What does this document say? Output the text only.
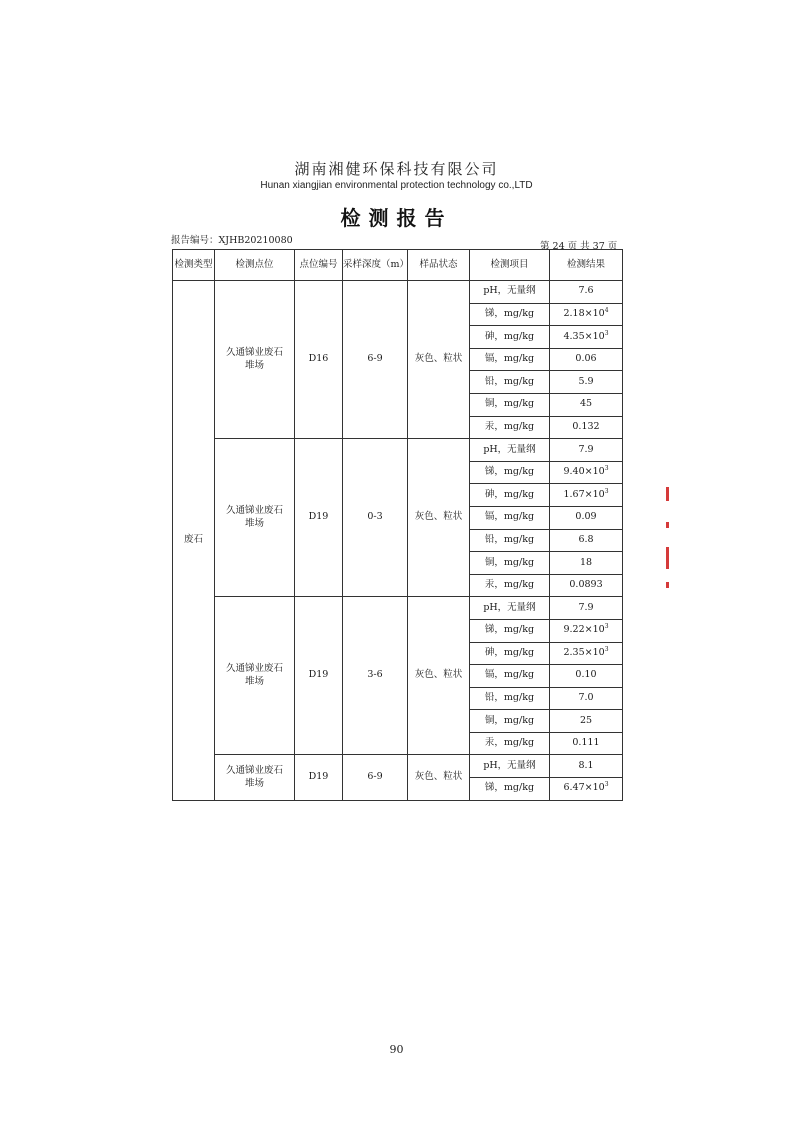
湖南湘健环保科技有限公司
Hunan xiangjian environmental protection technology co.,LTD
检测报告
报告编号：XJHB20210080
第 24 页 共 37 页
检测类型	检测点位	点位编号	采样深度（m）	样品状态	检测项目	检测结果
废石	久通锑业废石堆场	D16	6-9	灰色、粒状	pH，无量纲	7.6
					锑，mg/kg	$2.18\times 10^4$
					砷，mg/kg	$4.35\times 10^3$
					镉，mg/kg	0.06
					铅，mg/kg	5.9
					铜，mg/kg	45
					汞，mg/kg	0.132
	久通锑业废石堆场	D19	0-3	灰色、粒状	pH，无量纲	7.9
					锑，mg/kg	$9.40\times 10^3$
					砷，mg/kg	$1.67\times 10^3$
					镉，mg/kg	0.09
					铅，mg/kg	6.8
					铜，mg/kg	18
					汞，mg/kg	0.0893
	久通锑业废石堆场	D19	3-6	灰色、粒状	pH，无量纲	7.9
					锑，mg/kg	$9.22\times 10^3$
					砷，mg/kg	$2.35\times 10^3$
					镉，mg/kg	0.10
					铅，mg/kg	7.0
					铜，mg/kg	25
					汞，mg/kg	0.111
	久通锑业废石堆场	D19	6-9	灰色、粒状	pH，无量纲	8.1
					锑，mg/kg	$6.47\times 10^3$
90
